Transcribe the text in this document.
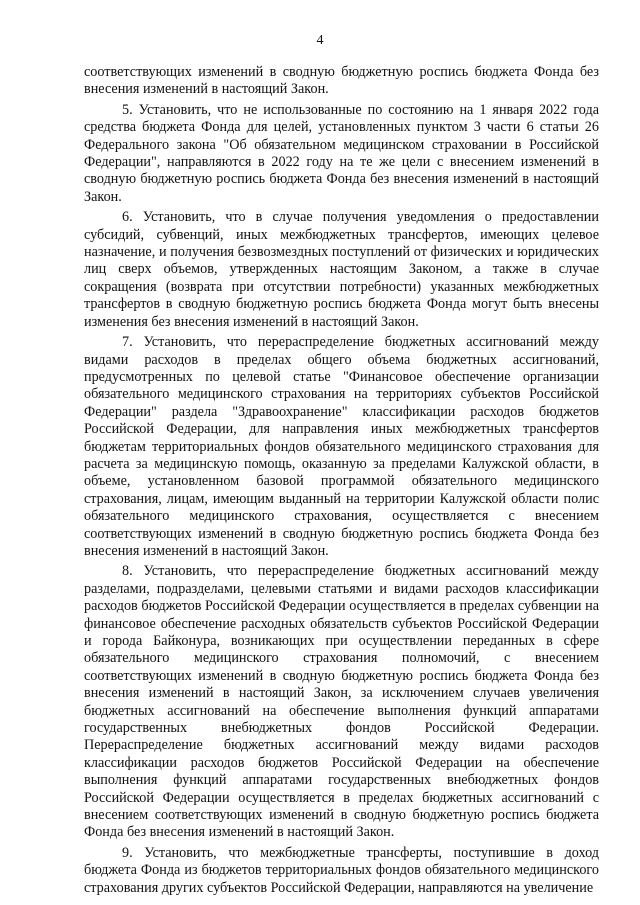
4

соответствующих изменений в сводную бюджетную роспись бюджета Фонда без внесения изменений в настоящий Закон.

5. Установить, что не использованные по состоянию на 1 января 2022 года средства бюджета Фонда для целей, установленных пунктом 3 части 6 статьи 26 Федерального закона "Об обязательном медицинском страховании в Российской Федерации", направляются в 2022 году на те же цели с внесением изменений в сводную бюджетную роспись бюджета Фонда без внесения изменений в настоящий Закон.

6. Установить, что в случае получения уведомления о предоставлении субсидий, субвенций, иных межбюджетных трансфертов, имеющих целевое назначение, и получения безвозмездных поступлений от физических и юридических лиц сверх объемов, утвержденных настоящим Законом, а также в случае сокращения (возврата при отсутствии потребности) указанных межбюджетных трансфертов в сводную бюджетную роспись бюджета Фонда могут быть внесены изменения без внесения изменений в настоящий Закон.

7. Установить, что перераспределение бюджетных ассигнований между видами расходов в пределах общего объема бюджетных ассигнований, предусмотренных по целевой статье "Финансовое обеспечение организации обязательного медицинского страхования на территориях субъектов Российской Федерации" раздела "Здравоохранение" классификации расходов бюджетов Российской Федерации, для направления иных межбюджетных трансфертов бюджетам территориальных фондов обязательного медицинского страхования для расчета за медицинскую помощь, оказанную за пределами Калужской области, в объеме, установленном базовой программой обязательного медицинского страхования, лицам, имеющим выданный на территории Калужской области полис обязательного медицинского страхования, осуществляется с внесением соответствующих изменений в сводную бюджетную роспись бюджета Фонда без внесения изменений в настоящий Закон.

8. Установить, что перераспределение бюджетных ассигнований между разделами, подразделами, целевыми статьями и видами расходов классификации расходов бюджетов Российской Федерации осуществляется в пределах субвенции на финансовое обеспечение расходных обязательств субъектов Российской Федерации и города Байконура, возникающих при осуществлении переданных в сфере обязательного медицинского страхования полномочий, с внесением соответствующих изменений в сводную бюджетную роспись бюджета Фонда без внесения изменений в настоящий Закон, за исключением случаев увеличения бюджетных ассигнований на обеспечение выполнения функций аппаратами государственных внебюджетных фондов Российской Федерации. Перераспределение бюджетных ассигнований между видами расходов классификации расходов бюджетов Российской Федерации на обеспечение выполнения функций аппаратами государственных внебюджетных фондов Российской Федерации осуществляется в пределах бюджетных ассигнований с внесением соответствующих изменений в сводную бюджетную роспись бюджета Фонда без внесения изменений в настоящий Закон.

9. Установить, что межбюджетные трансферты, поступившие в доход бюджета Фонда из бюджетов территориальных фондов обязательного медицинского страхования других субъектов Российской Федерации, направляются на увеличение
